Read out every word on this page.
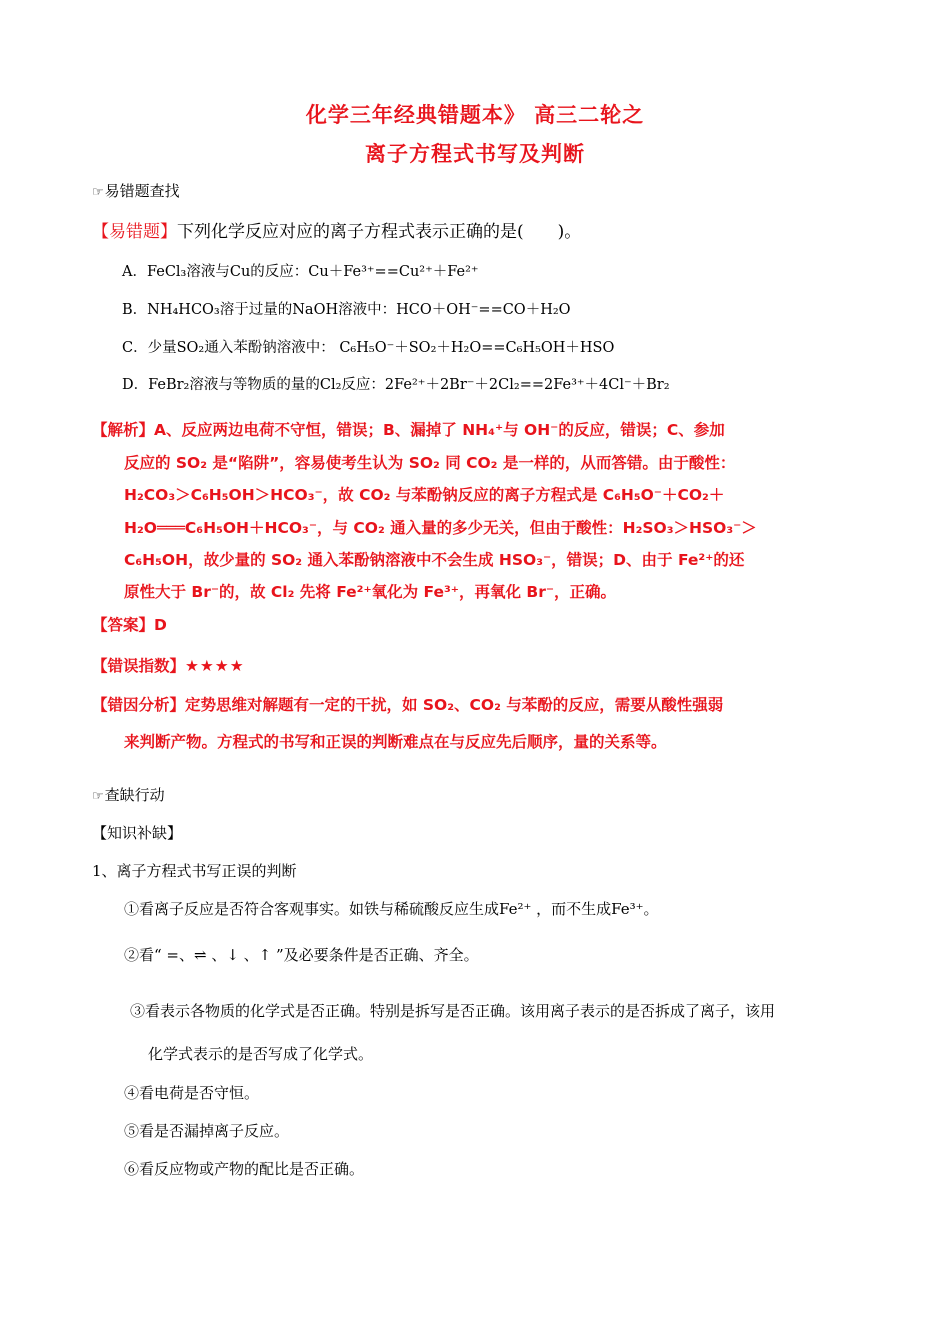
化学三年经典错题本》 高三二轮之
离子方程式书写及判断
☞易错题查找
【易错题】下列化学反应对应的离子方程式表示正确的是(　　)。
A．FeCl₃溶液与Cu的反应：Cu＋Fe³⁺==Cu²⁺＋Fe²⁺
B．NH₄HCO₃溶于过量的NaOH溶液中：HCO＋OH⁻==CO＋H₂O
C．少量SO₂通入苯酚钠溶液中： C₆H₅O⁻＋SO₂＋H₂O==C₆H₅OH＋HSO
D．FeBr₂溶液与等物质的量的Cl₂反应：2Fe²⁺＋2Br⁻＋2Cl₂==2Fe³⁺＋4Cl⁻＋Br₂
【解析】A、反应两边电荷不守恒，错误；B、漏掉了 NH₄⁺与 OH⁻的反应，错误；C、参加
反应的 SO₂ 是“陷阱”，容易使考生认为 SO₂ 同 CO₂ 是一样的，从而答错。由于酸性：
H₂CO₃＞C₆H₅OH＞HCO₃⁻，故 CO₂ 与苯酚钠反应的离子方程式是 C₆H₅O⁻＋CO₂＋
H₂O═══C₆H₅OH＋HCO₃⁻，与 CO₂ 通入量的多少无关，但由于酸性：H₂SO₃＞HSO₃⁻＞
C₆H₅OH，故少量的 SO₂ 通入苯酚钠溶液中不会生成 HSO₃⁻，错误；D、由于 Fe²⁺的还
原性大于 Br⁻的，故 Cl₂ 先将 Fe²⁺氧化为 Fe³⁺，再氧化 Br⁻，正确。
【答案】D
【错误指数】★★★★
【错因分析】定势思维对解题有一定的干扰，如 SO₂、CO₂ 与苯酚的反应，需要从酸性强弱
来判断产物。方程式的书写和正误的判断难点在与反应先后顺序，量的关系等。
☞查缺行动
【知识补缺】
1、离子方程式书写正误的判断
①看离子反应是否符合客观事实。如铁与稀硫酸反应生成Fe²⁺ ，而不生成Fe³⁺。
②看“ =、⇌ 、↓ 、↑ ”及必要条件是否正确、齐全。
③看表示各物质的化学式是否正确。特别是拆写是否正确。该用离子表示的是否拆成了离子，该用
化学式表示的是否写成了化学式。
④看电荷是否守恒。
⑤看是否漏掉离子反应。
⑥看反应物或产物的配比是否正确。
